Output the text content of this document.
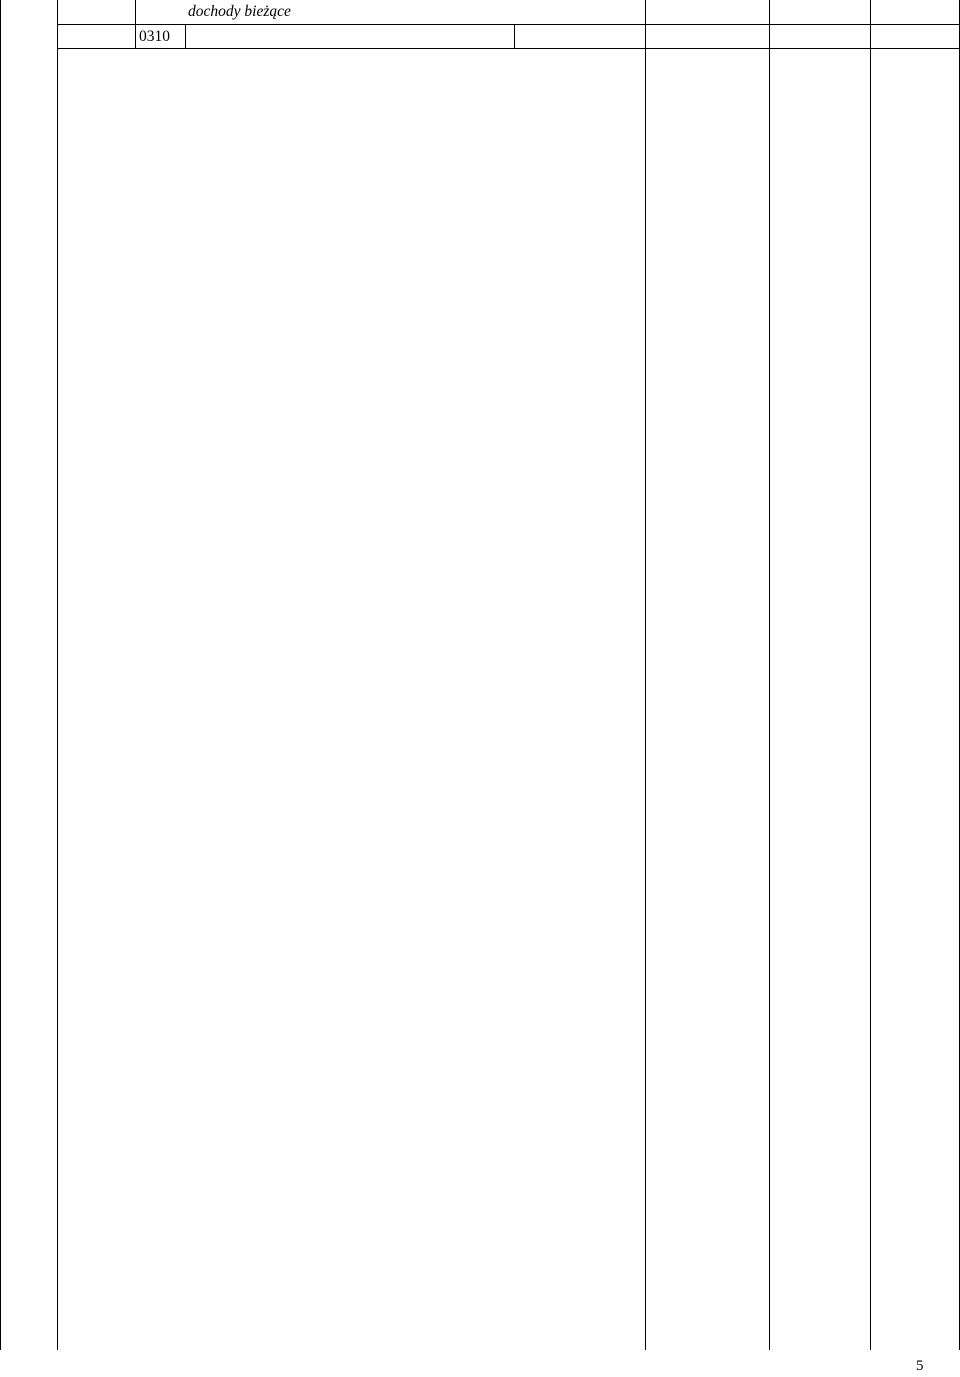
dochody bieżące
0310
5
